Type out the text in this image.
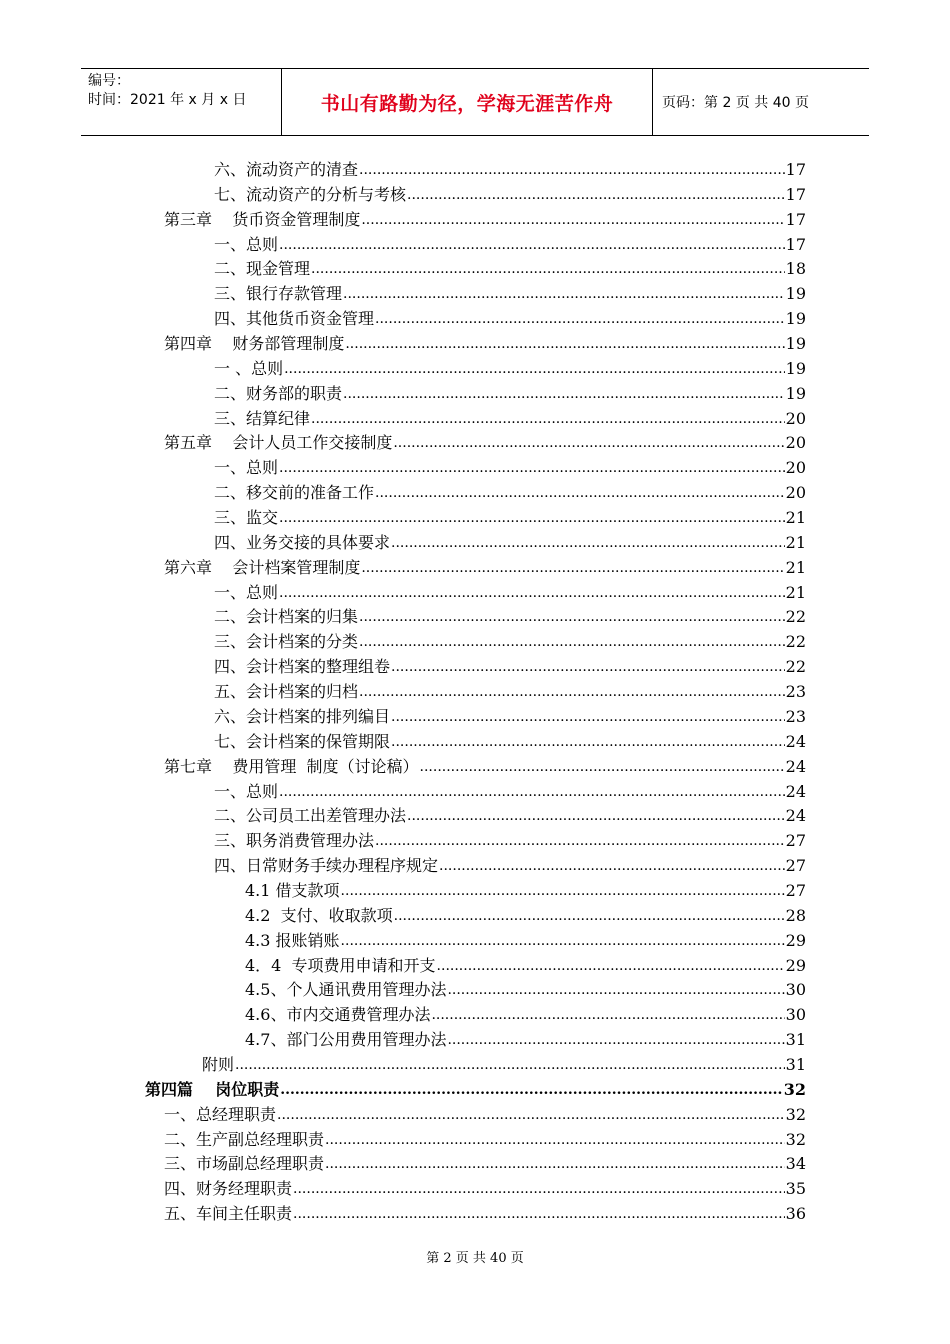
编号：
时间：2021 年 x 月 x 日	书山有路勤为径，学海无涯苦作舟	页码：第 2 页 共 40 页
六、流动资产的清查 .....	17
七、流动资产的分析与考核 .....	17
第三章    货币资金管理制度 .....	17
一、总则 .....	17
二、现金管理 .....	18
三、银行存款管理 .....	19
四、其他货币资金管理 .....	19
第四章    财务部管理制度 .....	19
一 、总则 .....	19
二、财务部的职责 .....	19
三、结算纪律 .....	20
第五章    会计人员工作交接制度 .....	20
一、总则 .....	20
二、移交前的准备工作 .....	20
三、监交 .....	21
四、业务交接的具体要求 .....	21
第六章    会计档案管理制度 .....	21
一、总则 .....	21
二、会计档案的归集 .....	22
三、会计档案的分类 .....	22
四、会计档案的整理组卷 .....	22
五、会计档案的归档 .....	23
六、会计档案的排列编目 .....	23
七、会计档案的保管期限 .....	24
第七章    费用管理  制度（讨论稿） .....	24
一、总则 .....	24
二、公司员工出差管理办法 .....	24
三、职务消费管理办法 .....	27
四、日常财务手续办理程序规定 .....	27
4.1 借支款项 .....	27
4.2  支付、收取款项 .....	28
4.3 报账销账 .....	29
4．4  专项费用申请和开支 .....	29
4.5、个人通讯费用管理办法 .....	30
4.6、市内交通费管理办法 .....	30
4.7、部门公用费用管理办法 .....	31
附则 .....	31
第四篇    岗位职责 .....	32
一、总经理职责 .....	32
二、生产副总经理职责 .....	32
三、市场副总经理职责 .....	34
四、财务经理职责 .....	35
五、车间主任职责 .....	36
第 2 页 共 40 页
